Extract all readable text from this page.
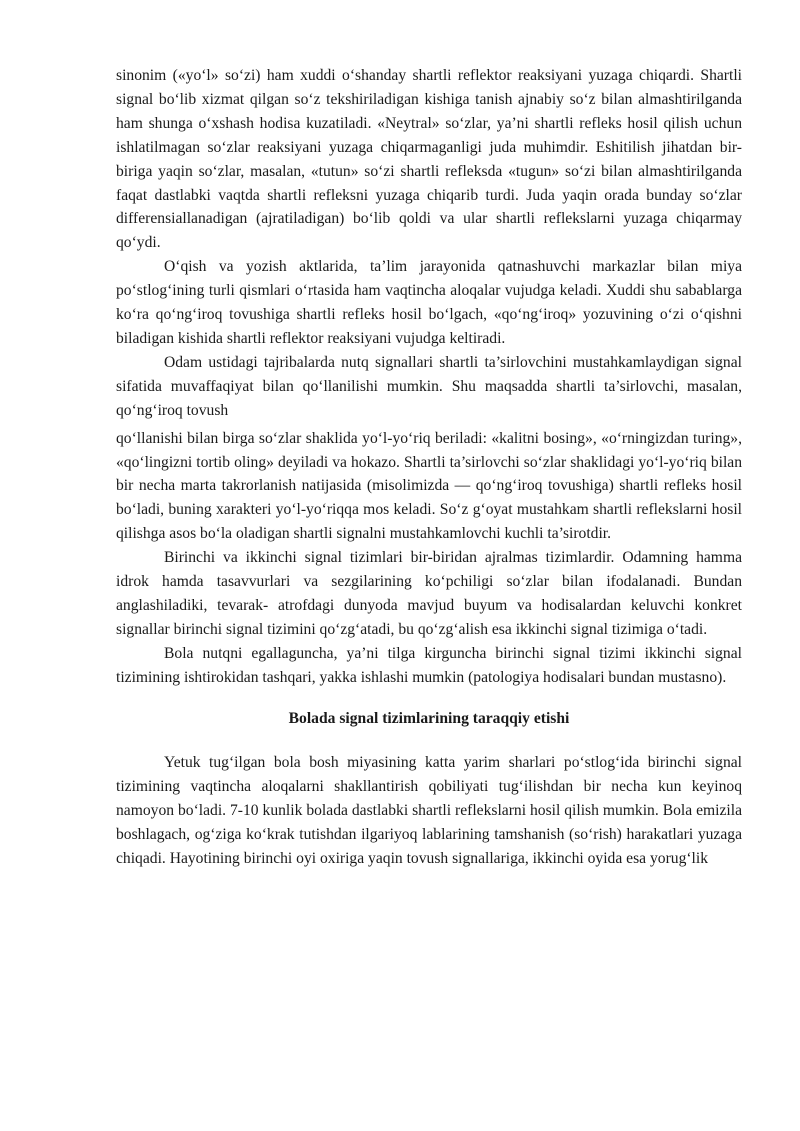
sinonim («yo‘l» so‘zi) ham xuddi o‘shanday shartli reflektor reaksiyani yuzaga chiqardi. Shartli signal bo‘lib xizmat qilgan so‘z tekshiriladigan kishiga tanish ajnabiy so‘z bilan almashtirilganda ham shunga o‘xshash hodisa kuzatiladi. «Neytral» so‘zlar, ya’ni shartli refleks hosil qilish uchun ishlatilmagan so‘zlar reaksiyani yuzaga chiqarmaganligi juda muhimdir. Eshitilish jihatdan bir-biriga yaqin so‘zlar, masalan, «tutun» so‘zi shartli refleksda «tugun» so‘zi bilan almashtirilganda faqat dastlabki vaqtda shartli refleksni yuzaga chiqarib turdi. Juda yaqin orada bunday so‘zlar differensiallanadigan (ajratiladigan) bo‘lib qoldi va ular shartli reflekslarni yuzaga chiqarmay qo‘ydi.

O‘qish va yozish aktlarida, ta’lim jarayonida qatnashuvchi markazlar bilan miya po‘stlog‘ining turli qismlari o‘rtasida ham vaqtincha aloqalar vujudga keladi. Xuddi shu sabablarga ko‘ra qo‘ng‘iroq tovushiga shartli refleks hosil bo‘lgach, «qo‘ng‘iroq» yozuvining o‘zi o‘qishni biladigan kishida shartli reflektor reaksiyani vujudga keltiradi.

Odam ustidagi tajribalarda nutq signallari shartli ta’sirlovchini mustahkamlaydigan signal sifatida muvaffaqiyat bilan qo‘llanilishi mumkin. Shu maqsadda shartli ta’sirlovchi, masalan, qo‘ng‘iroq tovush

qo‘llanishi bilan birga so‘zlar shaklida yo‘l-yo‘riq beriladi: «kalitni bosing», «o‘rningizdan turing», «qo‘lingizni tortib oling» deyiladi va hokazo. Shartli ta’sirlovchi so‘zlar shaklidagi yo‘l-yo‘riq bilan bir necha marta takrorlanish natijasida (misolimizda — qo‘ng‘iroq tovushiga) shartli refleks hosil bo‘ladi, buning xarakteri yo‘l-yo‘riqqa mos keladi. So‘z g‘oyat mustahkam shartli reflekslarni hosil qilishga asos bo‘la oladigan shartli signalni mustahkamlovchi kuchli ta’sirotdir.

Birinchi va ikkinchi signal tizimlari bir-biridan ajralmas tizimlardir. Odamning hamma idrok hamda tasavvurlari va sezgilarining ko‘pchiligi so‘zlar bilan ifodalanadi. Bundan anglashiladiki, tevarak- atrofdagi dunyoda mavjud buyum va hodisalardan keluvchi konkret signallar birinchi signal tizimini qo‘zg‘atadi, bu qo‘zg‘alish esa ikkinchi signal tizimiga o‘tadi.

Bola nutqni egallaguncha, ya’ni tilga kirguncha birinchi signal tizimi ikkinchi signal tizimining ishtirokidan tashqari, yakka ishlashi mumkin (patologiya hodisalari bundan mustasno).

Bolada signal tizimlarining taraqqiy etishi

Yetuk tug‘ilgan bola bosh miyasining katta yarim sharlari po‘stlog‘ida birinchi signal tizimining vaqtincha aloqalarni shakllantirish qobiliyati tug‘ilishdan bir necha kun keyinoq namoyon bo‘ladi. 7-10 kunlik bolada dastlabki shartli reflekslarni hosil qilish mumkin. Bola emizila boshlagach, og‘ziga ko‘krak tutishdan ilgariyoq lablarining tamshanish (so‘rish) harakatlari yuzaga chiqadi. Hayotining birinchi oyi oxiriga yaqin tovush signallariga, ikkinchi oyida esa yorug‘lik
